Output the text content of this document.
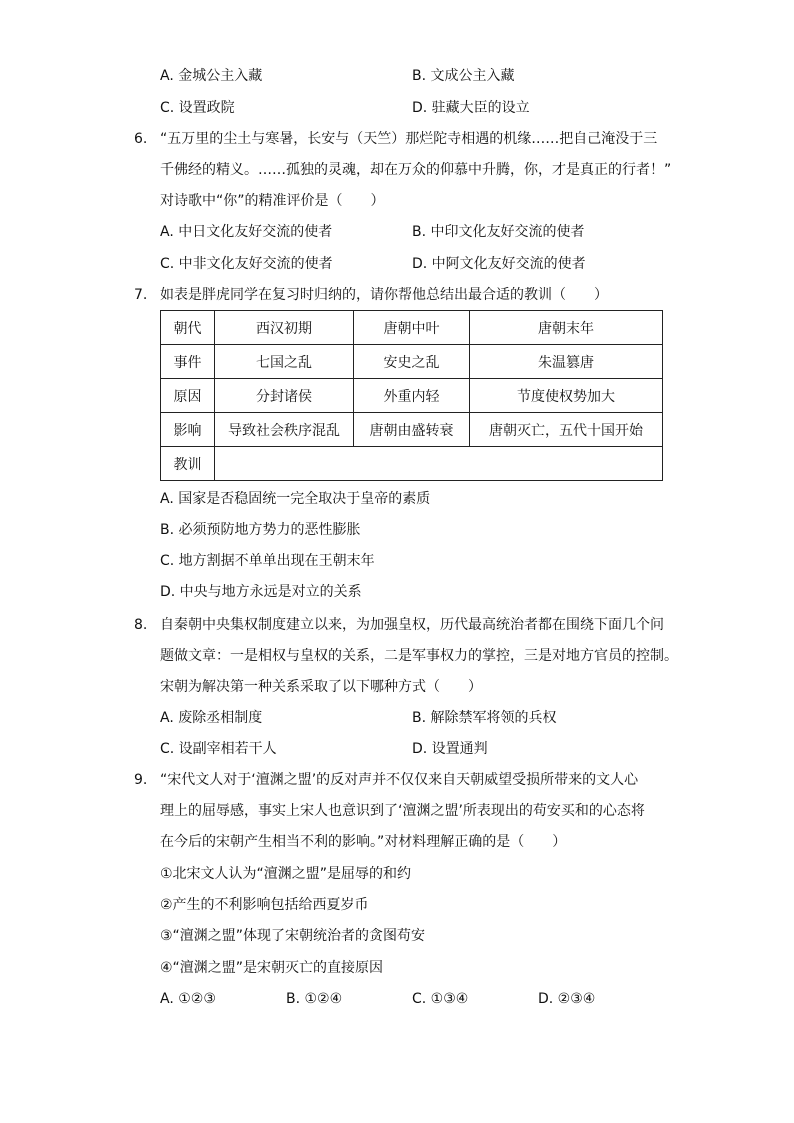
A. 金城公主入藏	B. 文成公主入藏
C. 设置政院	D. 驻藏大臣的设立
6. “五万里的尘土与寒暑，长安与（天竺）那烂陀寺相遇的机缘……把自己淹没于三
千佛经的精义。……孤独的灵魂，却在万众的仰慕中升腾，你，才是真正的行者！”
对诗歌中“你”的精准评价是（　　）
A. 中日文化友好交流的使者	B. 中印文化友好交流的使者
C. 中非文化友好交流的使者	D. 中阿文化友好交流的使者
7. 如表是胖虎同学在复习时归纳的，请你帮他总结出最合适的教训（　　）
朝代	西汉初期	唐朝中叶	唐朝末年
事件	七国之乱	安史之乱	朱温篡唐
原因	分封诸侯	外重内轻	节度使权势加大
影响	导致社会秩序混乱	唐朝由盛转衰	唐朝灭亡，五代十国开始
教训			
A. 国家是否稳固统一完全取决于皇帝的素质
B. 必须预防地方势力的恶性膨胀
C. 地方割据不单单出现在王朝末年
D. 中央与地方永远是对立的关系
8. 自秦朝中央集权制度建立以来，为加强皇权，历代最高统治者都在围绕下面几个问
题做文章：一是相权与皇权的关系，二是军事权力的掌控，三是对地方官员的控制。
宋朝为解决第一种关系采取了以下哪种方式（　　）
A. 废除丞相制度	B. 解除禁军将领的兵权
C. 设副宰相若干人	D. 设置通判
9. “宋代文人对于‘澶渊之盟’的反对声并不仅仅来自天朝威望受损所带来的文人心
理上的屈辱感，事实上宋人也意识到了‘澶渊之盟’所表现出的苟安买和的心态将
在今后的宋朝产生相当不利的影响。”对材料理解正确的是（　　）
①北宋文人认为“澶渊之盟”是屈辱的和约
②产生的不利影响包括给西夏岁币
③“澶渊之盟”体现了宋朝统治者的贪图苟安
④“澶渊之盟”是宋朝灭亡的直接原因
A. ①②③	B. ①②④	C. ①③④	D. ②③④
